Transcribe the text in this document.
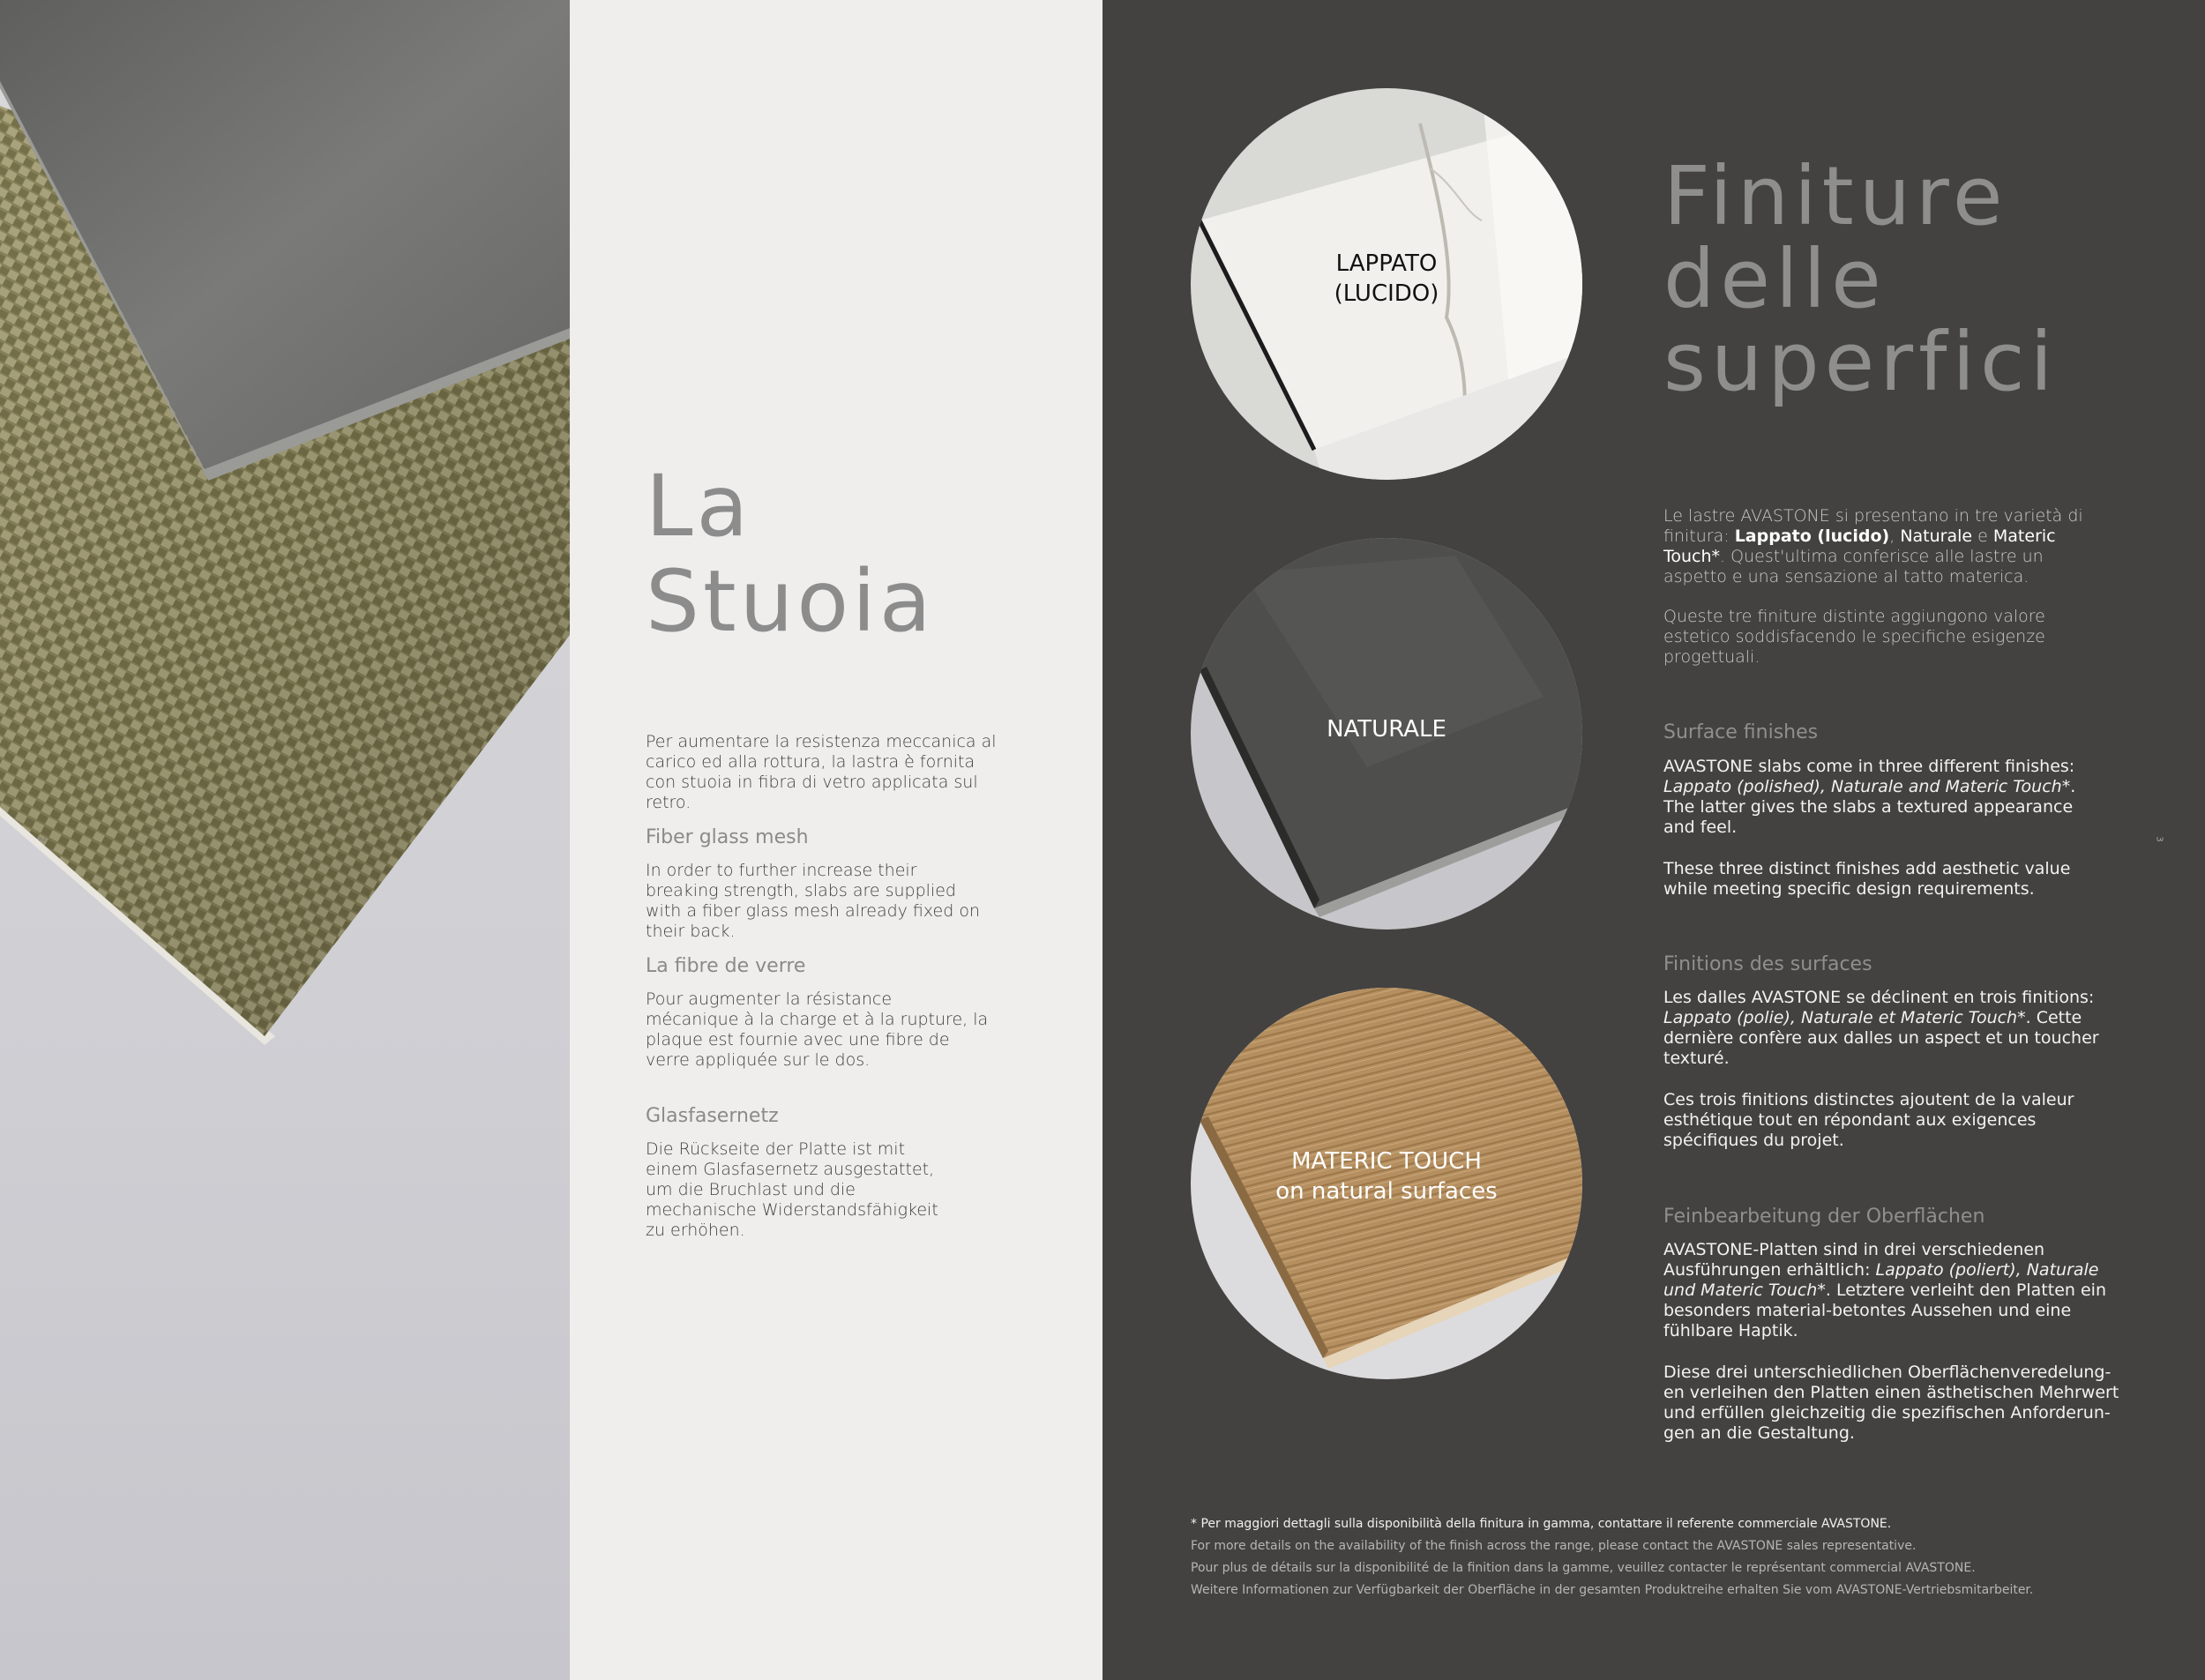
2
La
Stuoia
Per aumentare la resistenza meccanica al carico ed alla rottura, la lastra è fornita con stuoia in fibra di vetro applicata sul retro.
Fiber glass mesh
In order to further increase their breaking strength, slabs are supplied with a fiber glass mesh already fixed on their back.
La fibre de verre
Pour augmenter la résistance mécanique à la charge et à la rupture, la plaque est fournie avec une fibre de verre appliquée sur le dos.
Glasfasernetz
Die Rückseite der Platte ist mit einem Glasfasernetz ausgestattet, um die Bruchlast und die mechanische Widerstandsfähigkeit zu erhöhen.
LAPPATO
(LUCIDO)
NATURALE
MATERIC TOUCH
on natural surfaces
Finiture
delle
superfici
Le lastre AVASTONE si presentano in tre varietà di finitura: Lappato (lucido), Naturale e Materic Touch*. Quest'ultima conferisce alle lastre un aspetto e una sensazione al tatto materica.
Queste tre finiture distinte aggiungono valore estetico soddisfacendo le specifiche esigenze progettuali.
Surface finishes
AVASTONE slabs come in three different finishes: Lappato (polished), Naturale and Materic Touch*. The latter gives the slabs a textured appearance and feel.
These three distinct finishes add aesthetic value while meeting specific design requirements.
Finitions des surfaces
Les dalles AVASTONE se déclinent en trois finitions: Lappato (polie), Naturale et Materic Touch*. Cette dernière confère aux dalles un aspect et un toucher texturé.
Ces trois finitions distinctes ajoutent de la valeur esthétique tout en répondant aux exigences spécifiques du projet.
Feinbearbeitung der Oberflächen
AVASTONE-Platten sind in drei verschiedenen Ausführungen erhältlich: Lappato (poliert), Naturale und Materic Touch*. Letztere verleiht den Platten ein besonders material-betontes Aussehen und eine fühlbare Haptik.
Diese drei unterschiedlichen Oberflächenveredelung-en verleihen den Platten einen ästhetischen Mehrwert und erfüllen gleichzeitig die spezifischen Anforderun-gen an die Gestaltung.
* Per maggiori dettagli sulla disponibilità della finitura in gamma, contattare il referente commerciale AVASTONE.
For more details on the availability of the finish across the range, please contact the AVASTONE sales representative.
Pour plus de détails sur la disponibilité de la finition dans la gamme, veuillez contacter le représentant commercial AVASTONE.
Weitere Informationen zur Verfügbarkeit der Oberfläche in der gesamten Produktreihe erhalten Sie vom AVASTONE-Vertriebsmitarbeiter.
3
